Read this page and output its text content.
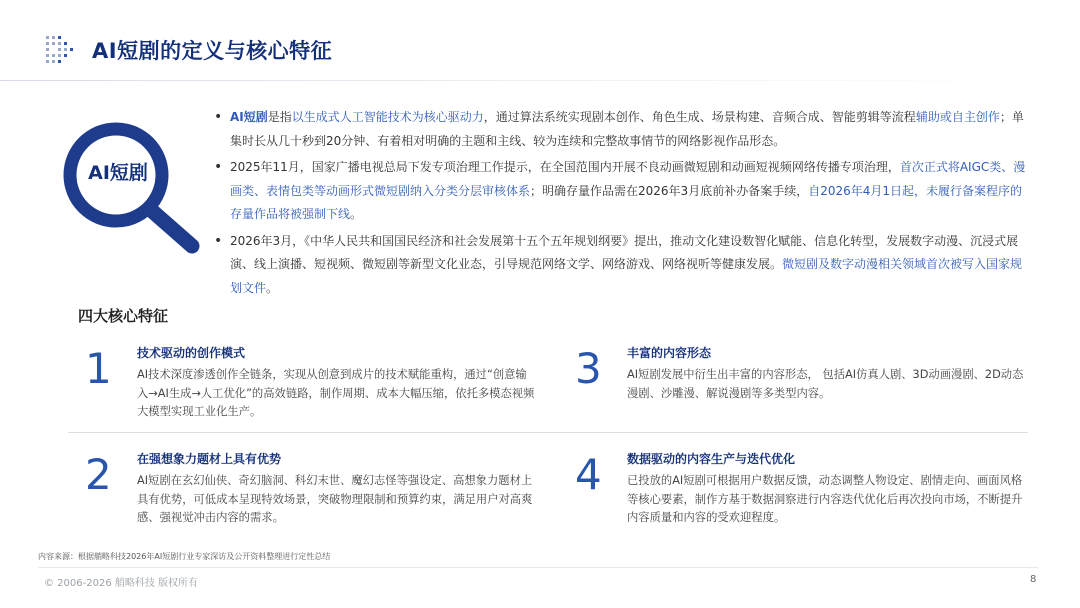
AI短剧的定义与核心特征
AI短剧
• AI短剧是指以生成式人工智能技术为核心驱动力，通过算法系统实现剧本创作、角色生成、场景构建、音频合成、智能剪辑等流程辅助或自主创作；单集时长从几十秒到20分钟、有着相对明确的主题和主线、较为连续和完整故事情节的网络影视作品形态。
• 2025年11月，国家广播电视总局下发专项治理工作提示，在全国范围内开展不良动画微短剧和动画短视频网络传播专项治理，首次正式将AIGC类、漫画类、表情包类等动画形式微短剧纳入分类分层审核体系；明确存量作品需在2026年3月底前补办备案手续，自2026年4月1日起，未履行备案程序的存量作品将被强制下线。
• 2026年3月，《中华人民共和国国民经济和社会发展第十五个五年规划纲要》提出，推动文化建设数智化赋能、信息化转型，发展数字动漫、沉浸式展演、线上演播、短视频、微短剧等新型文化业态，引导规范网络文学、网络游戏、网络视听等健康发展。微短剧及数字动漫相关领域首次被写入国家规划文件。
四大核心特征
1 技术驱动的创作模式
AI技术深度渗透创作全链条，实现从创意到成片的技术赋能重构，通过“创意输入→AI生成→人工优化”的高效链路，制作周期、成本大幅压缩，依托多模态视频大模型实现工业化生产。
3 丰富的内容形态
AI短剧发展中衍生出丰富的内容形态， 包括AI仿真人剧、3D动画漫剧、2D动态漫剧、沙雕漫、解说漫剧等多类型内容。
2 在强想象力题材上具有优势
AI短剧在玄幻仙侠、奇幻脑洞、科幻末世、魔幻志怪等强设定、高想象力题材上具有优势，可低成本呈现特效场景，突破物理限制和预算约束，满足用户对高爽感、强视觉冲击内容的需求。
4 数据驱动的内容生产与迭代优化
已投放的AI短剧可根据用户数据反馈，动态调整人物设定、剧情走向、画面风格等核心要素，制作方基于数据洞察进行内容迭代优化后再次投向市场，不断提升内容质量和内容的受欢迎程度。
内容来源：根据艄略科技2026年AI短剧行业专家深访及公开资料整理进行定性总结
© 2006-2026 艄略科技 版权所有	8
